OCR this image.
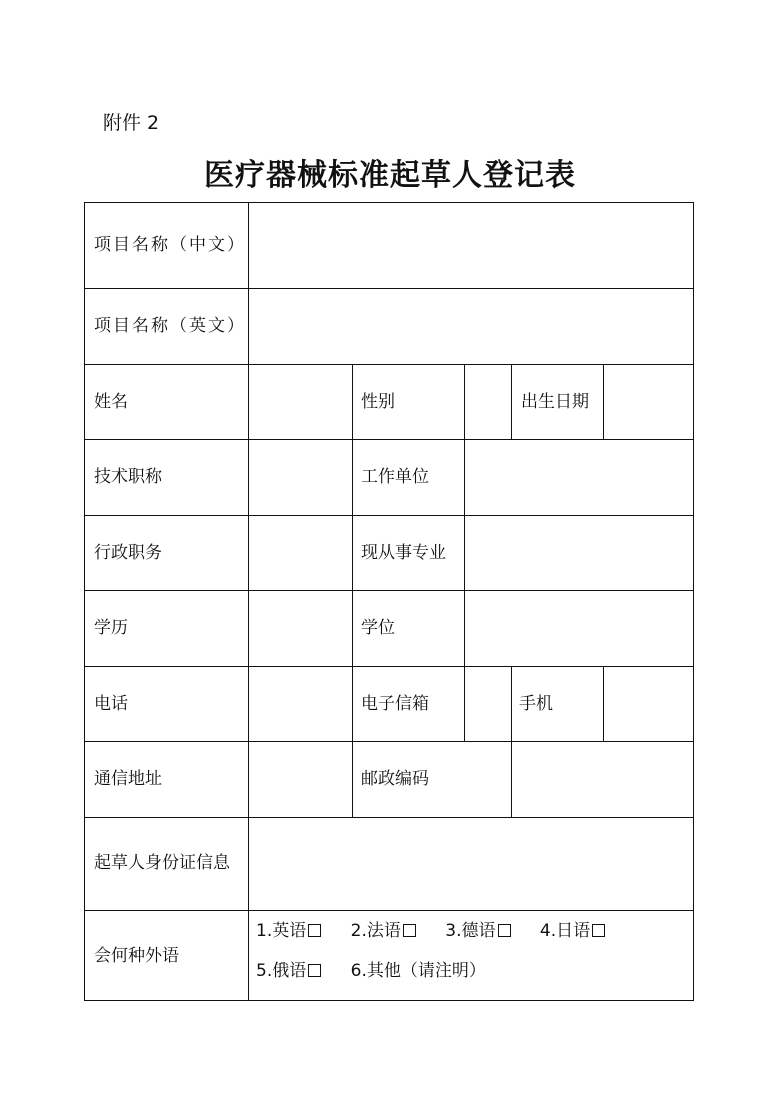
附件 2
医疗器械标准起草人登记表
项目名称（中文）
项目名称（英文）
姓名	性别	出生日期
技术职称	工作单位
行政职务	现从事专业
学历	学位
电话	电子信箱	手机
通信地址	邮政编码
起草人身份证信息
会何种外语
1.英语	2.法语	3.德语	4.日语
5.俄语	6.其他（请注明）
